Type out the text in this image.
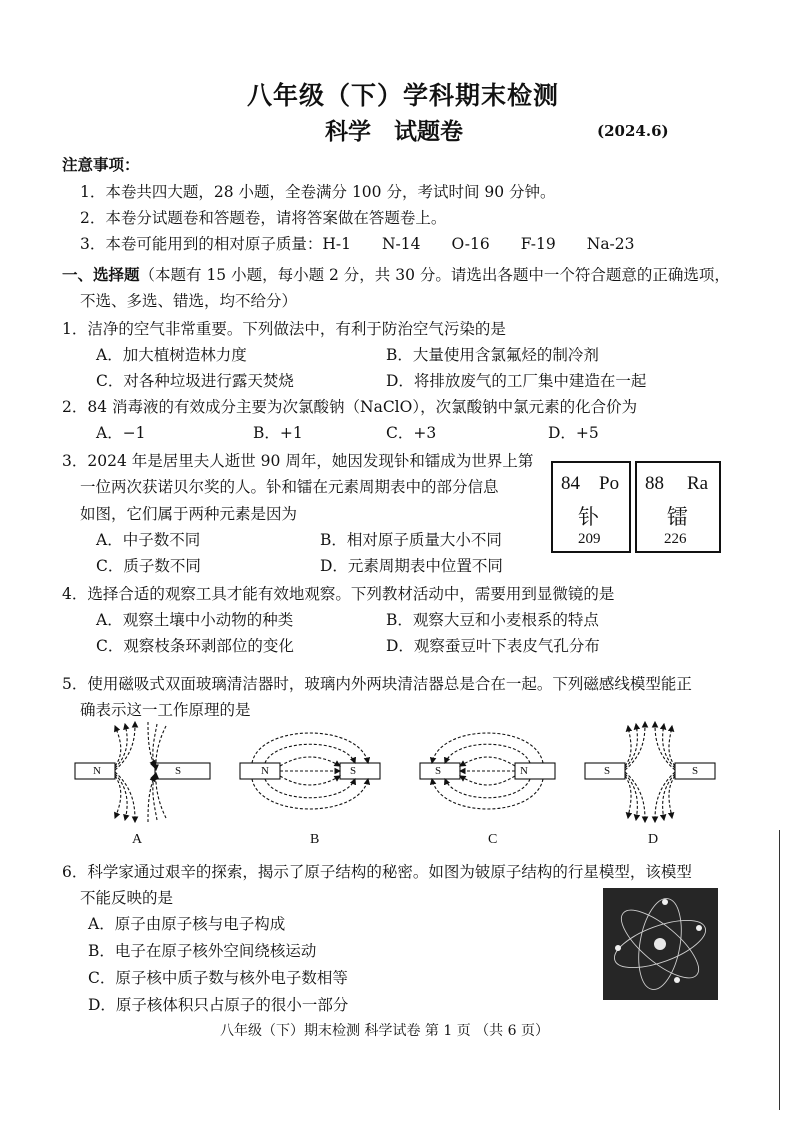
八年级（下）学科期末检测
科学　试题卷	(2024.6)
注意事项：
1．本卷共四大题，28 小题，全卷满分 100 分，考试时间 90 分钟。
2．本卷分试题卷和答题卷，请将答案做在答题卷上。
3．本卷可能用到的相对原子质量：H-1　　N-14　　O-16　　F-19　　Na-23
一、选择题（本题有 15 小题，每小题 2 分，共 30 分。请选出各题中一个符合题意的正确选项，
不选、多选、错选，均不给分）
1．洁净的空气非常重要。下列做法中，有利于防治空气污染的是
A．加大植树造林力度	B．大量使用含氯氟烃的制冷剂
C．对各种垃圾进行露天焚烧	D．将排放废气的工厂集中建造在一起
2．84 消毒液的有效成分主要为次氯酸钠（NaClO），次氯酸钠中氯元素的化合价为
A．−1	B．+1	C．+3	D．+5
3．2024 年是居里夫人逝世 90 周年，她因发现钋和镭成为世界上第
一位两次获诺贝尔奖的人。钋和镭在元素周期表中的部分信息
如图，它们属于两种元素是因为
A．中子数不同	B．相对原子质量大小不同
C．质子数不同	D．元素周期表中位置不同
84 Po
钋
209
88 Ra
镭
226
4．选择合适的观察工具才能有效地观察。下列教材活动中，需要用到显微镜的是
A．观察土壤中小动物的种类	B．观察大豆和小麦根系的特点
C．观察枝条环剥部位的变化	D．观察蚕豆叶下表皮气孔分布
5．使用磁吸式双面玻璃清洁器时，玻璃内外两块清洁器总是合在一起。下列磁感线模型能正
确表示这一工作原理的是
N	S	N	S	S	N	S	S
A	B	C	D
6．科学家通过艰辛的探索，揭示了原子结构的秘密。如图为铍原子结构的行星模型，该模型
不能反映的是
A．原子由原子核与电子构成
B．电子在原子核外空间绕核运动
C．原子核中质子数与核外电子数相等
D．原子核体积只占原子的很小一部分
八年级（下）期末检测 科学试卷 第 1 页 （共 6 页）
